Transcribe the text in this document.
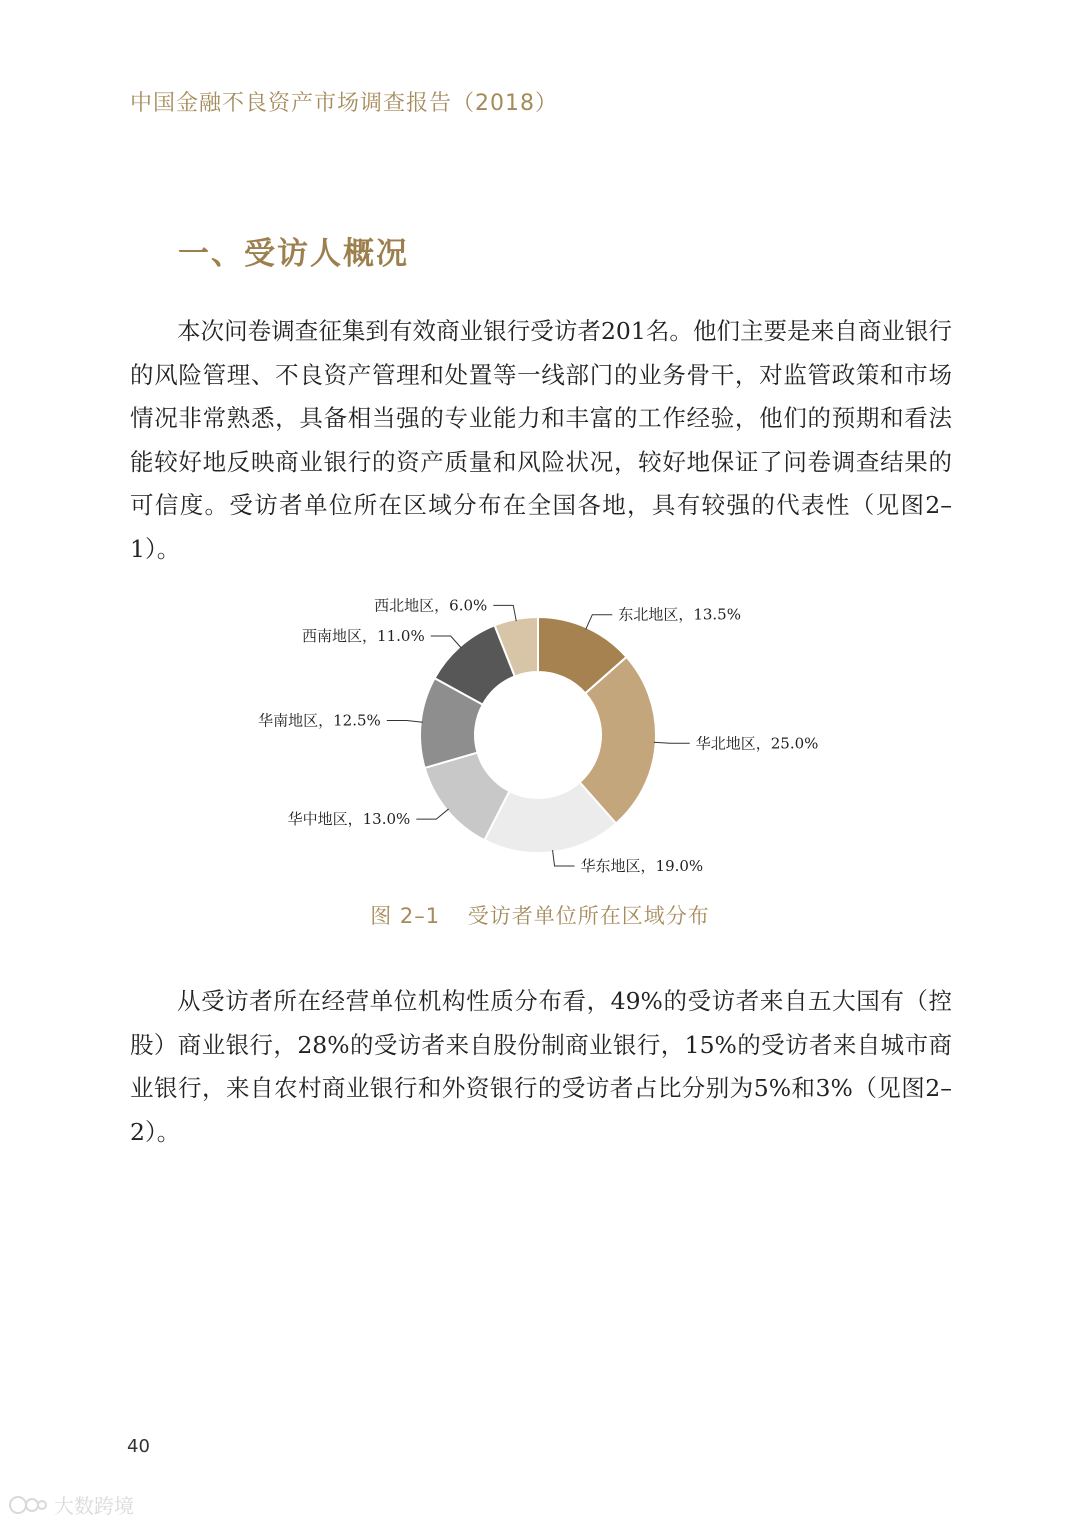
中国金融不良资产市场调查报告（2018）
一、受访人概况

本次问卷调查征集到有效商业银行受访者201名。他们主要是来自商业银行的风险管理、不良资产管理和处置等一线部门的业务骨干，对监管政策和市场情况非常熟悉，具备相当强的专业能力和丰富的工作经验，他们的预期和看法能较好地反映商业银行的资产质量和风险状况，较好地保证了问卷调查结果的可信度。受访者单位所在区域分布在全国各地，具有较强的代表性（见图2–1）。

东北地区，13.5%
华北地区，25.0%
华东地区，19.0%
华中地区，13.0%
华南地区，12.5%
西南地区，11.0%
西北地区，6.0%
图 2–1 受访者单位所在区域分布

从受访者所在经营单位机构性质分布看，49%的受访者来自五大国有（控股）商业银行，28%的受访者来自股份制商业银行，15%的受访者来自城市商业银行，来自农村商业银行和外资银行的受访者占比分别为5%和3%（见图2–2）。

40
大数跨境
